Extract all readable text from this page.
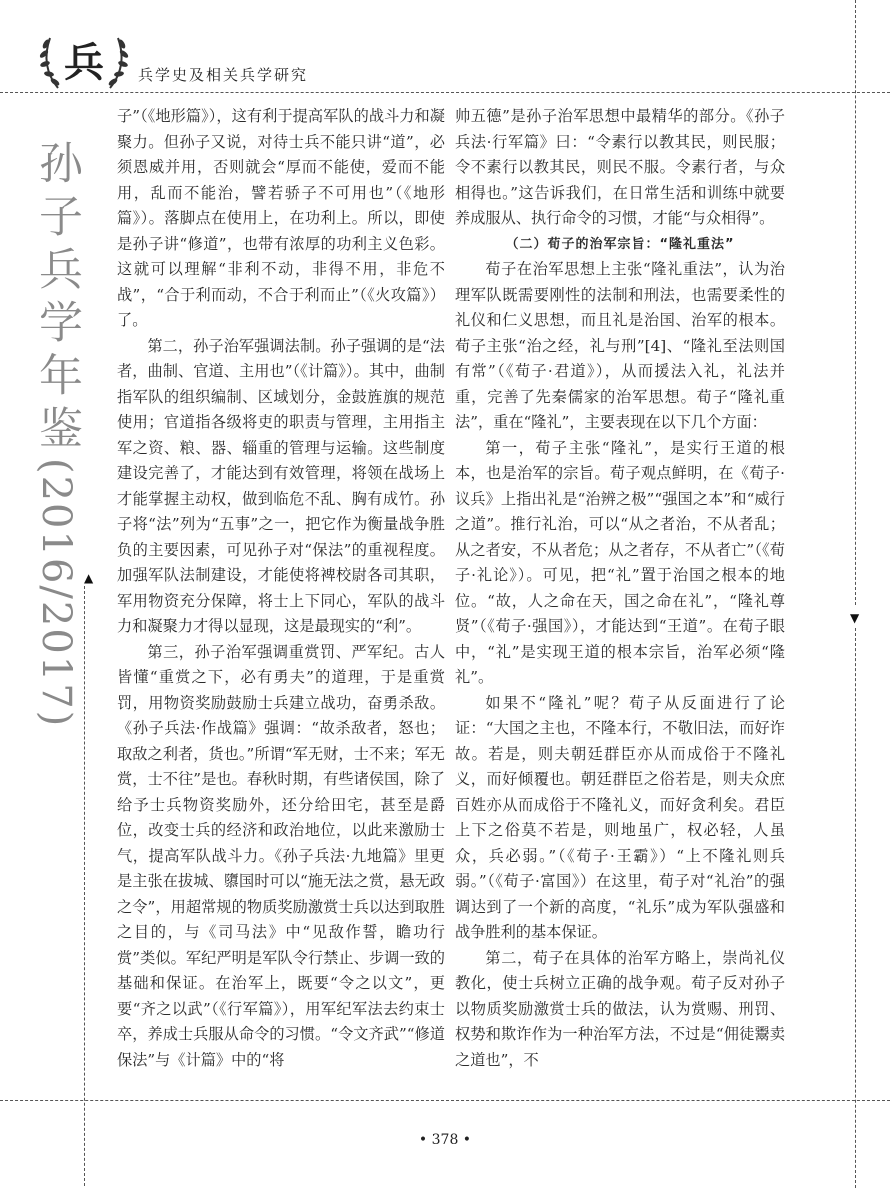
兵 兵学史及相关兵学研究
孙子兵学年鉴(2016/2017) ▲
▼

子”（《地形篇》），这有利于提高军队的战斗力和凝聚力。但孙子又说，对待士兵不能只讲“道”，必须恩威并用，否则就会“厚而不能使，爱而不能用，乱而不能治，譬若骄子不可用也”（《地形篇》）。落脚点在使用上，在功利上。所以，即使是孙子讲“修道”，也带有浓厚的功利主义色彩。这就可以理解“非利不动，非得不用，非危不战”，“合于利而动，不合于利而止”（《火攻篇》）了。

第二，孙子治军强调法制。孙子强调的是“法者，曲制、官道、主用也”（《计篇》）。其中，曲制指军队的组织编制、区域划分，金鼓旌旗的规范使用；官道指各级将吏的职责与管理，主用指主军之资、粮、器、辎重的管理与运输。这些制度建设完善了，才能达到有效管理，将领在战场上才能掌握主动权，做到临危不乱、胸有成竹。孙子将“法”列为“五事”之一，把它作为衡量战争胜负的主要因素，可见孙子对“保法”的重视程度。加强军队法制建设，才能使将裨校尉各司其职，军用物资充分保障，将士上下同心，军队的战斗力和凝聚力才得以显现，这是最现实的“利”。

第三，孙子治军强调重赏罚、严军纪。古人皆懂“重赏之下，必有勇夫”的道理，于是重赏罚，用物资奖励鼓励士兵建立战功，奋勇杀敌。《孙子兵法·作战篇》强调：“故杀敌者，怒也；取敌之利者，货也。”所谓“军无财，士不来；军无赏，士不往”是也。春秋时期，有些诸侯国，除了给予士兵物资奖励外，还分给田宅，甚至是爵位，改变士兵的经济和政治地位，以此来激励士气，提高军队战斗力。《孙子兵法·九地篇》里更是主张在拔城、隳国时可以“施无法之赏，悬无政之令”，用超常规的物质奖励激赏士兵以达到取胜之目的，与《司马法》中“见敌作誓，瞻功行赏”类似。军纪严明是军队令行禁止、步调一致的基础和保证。在治军上，既要“令之以文”，更要“齐之以武”（《行军篇》），用军纪军法去约束士卒，养成士兵服从命令的习惯。“令文齐武”“修道保法”与《计篇》中的“将

帅五德”是孙子治军思想中最精华的部分。《孙子兵法·行军篇》曰：“令素行以教其民，则民服；令不素行以教其民，则民不服。令素行者，与众相得也。”这告诉我们，在日常生活和训练中就要养成服从、执行命令的习惯，才能“与众相得”。

（二）荀子的治军宗旨：“隆礼重法”

荀子在治军思想上主张“隆礼重法”，认为治理军队既需要刚性的法制和刑法，也需要柔性的礼仪和仁义思想，而且礼是治国、治军的根本。荀子主张“治之经，礼与刑”[4]、“隆礼至法则国有常”（《荀子·君道》），从而援法入礼，礼法并重，完善了先秦儒家的治军思想。荀子“隆礼重法”，重在“隆礼”，主要表现在以下几个方面：

第一，荀子主张“隆礼”，是实行王道的根本，也是治军的宗旨。荀子观点鲜明，在《荀子·议兵》上指出礼是“治辨之极”“强国之本”和“威行之道”。推行礼治，可以“从之者治，不从者乱；从之者安，不从者危；从之者存，不从者亡”（《荀子·礼论》）。可见，把“礼”置于治国之根本的地位。“故，人之命在天，国之命在礼”，“隆礼尊贤”（《荀子·强国》），才能达到“王道”。在荀子眼中，“礼”是实现王道的根本宗旨，治军必须“隆礼”。

如果不“隆礼”呢？荀子从反面进行了论证：“大国之主也，不隆本行，不敬旧法，而好诈故。若是，则夫朝廷群臣亦从而成俗于不隆礼义，而好倾覆也。朝廷群臣之俗若是，则夫众庶百姓亦从而成俗于不隆礼义，而好贪利矣。君臣上下之俗莫不若是，则地虽广，权必轻，人虽众，兵必弱。”（《荀子·王霸》）“上不隆礼则兵弱。”（《荀子·富国》）在这里，荀子对“礼治”的强调达到了一个新的高度，“礼乐”成为军队强盛和战争胜利的基本保证。

第二，荀子在具体的治军方略上，崇尚礼仪教化，使士兵树立正确的战争观。荀子反对孙子以物质奖励激赏士兵的做法，认为赏赐、刑罚、权势和欺诈作为一种治军方法，不过是“佣徒鬻卖之道也”，不

• 378 •
